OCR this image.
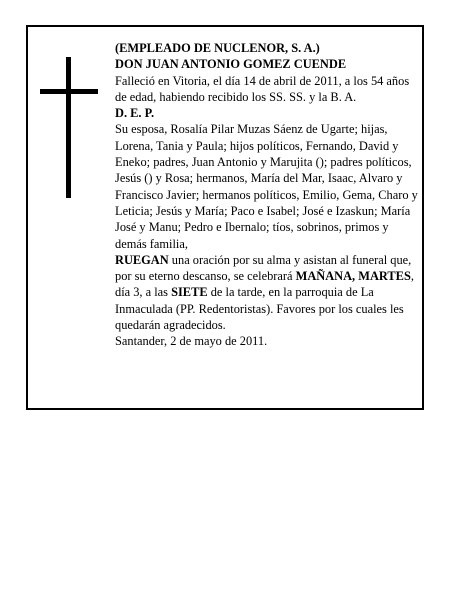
(EMPLEADO DE NUCLENOR, S. A.)

DON JUAN ANTONIO GOMEZ CUENDE

Falleció en Vitoria, el día 14 de abril de 2011, a los 54 años de edad, habiendo recibido los SS. SS. y la B. A.

D. E. P.

Su esposa, Rosalía Pilar Muzas Sáenz de Ugarte; hijas, Lorena, Tania y Paula; hijos políticos, Fernando, David y Eneko; padres, Juan Antonio y Marujita (); padres políticos, Jesús () y Rosa; hermanos, María del Mar, Isaac, Alvaro y Francisco Javier; hermanos políticos, Emilio, Gema, Charo y Leticia; Jesús y María; Paco e Isabel; José e Izaskun; María José y Manu; Pedro e Ibernalo; tíos, sobrinos, primos y demás familia,

RUEGAN una oración por su alma y asistan al funeral que, por su eterno descanso, se celebrará MAÑANA, MARTES, día 3, a las SIETE de la tarde, en la parroquia de La Inmaculada (PP. Redentoristas). Favores por los cuales les quedarán agradecidos.

Santander, 2 de mayo de 2011.
